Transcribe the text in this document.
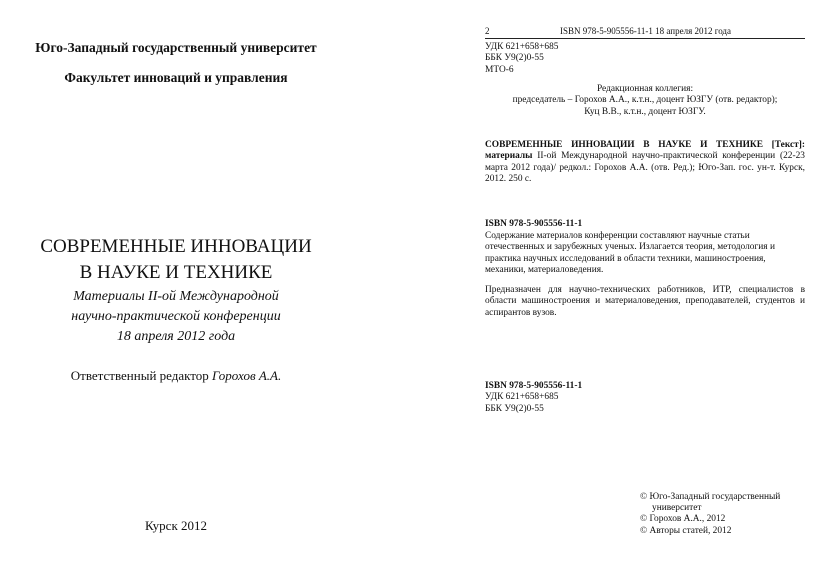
Юго-Западный государственный университет
Факультет инноваций и управления
СОВРЕМЕННЫЕ ИННОВАЦИИ
В НАУКЕ И ТЕХНИКЕ
Материалы II-ой Международной
научно-практической конференции
18 апреля 2012 года
Ответственный редактор Горохов А.А.
Курск 2012
2	ISBN 978-5-905556-11-1 18 апреля 2012 года
УДК 621+658+685
ББК У9(2)0-55
МТО-6
Редакционная коллегия:
председатель – Горохов А.А., к.т.н., доцент ЮЗГУ (отв. редактор);
Куц В.В., к.т.н., доцент ЮЗГУ.
СОВРЕМЕННЫЕ ИННОВАЦИИ В НАУКЕ И ТЕХНИКЕ [Текст]: материалы II-ой Международной научно-практической конференции (22-23 марта 2012 года)/ редкол.: Горохов А.А. (отв. Ред.); Юго-Зап. гос. ун-т. Курск, 2012. 250 с.
ISBN 978-5-905556-11-1
Содержание материалов конференции составляют научные статьи отечественных и зарубежных ученых. Излагается теория, методология и практика научных исследований в области техники, машиностроения, механики, материаловедения.
Предназначен для научно-технических работников, ИТР, специалистов в области машиностроения и материаловедения, преподавателей, студентов и аспирантов вузов.
ISBN 978-5-905556-11-1
УДК 621+658+685
ББК У9(2)0-55
© Юго-Западный государственный
университет
© Горохов А.А., 2012
© Авторы статей, 2012
